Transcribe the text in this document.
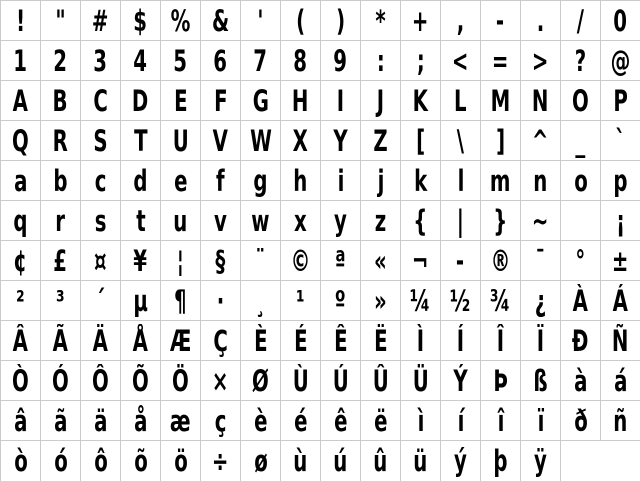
! " # $ % & ' ( ) * + , - . / 0
1 2 3 4 5 6 7 8 9 : ; < = > ? @
A B C D E F G H I J K L M N O P
Q R S T U V W X Y Z [ \ ] ^ _ `
a b c d e f g h i j k l m n o p
q r s t u v w x y z { | } ~ ¡
¢ £ ¤ ¥ ¦ § ¨ © ª « ¬ - ® ¯ ° ±
² ³ ´ µ ¶ · ¸ ¹ º » ¼ ½ ¾ ¿ À Á
Â Ã Ä Å Æ Ç È É Ê Ë Ì Í Î Ï Ð Ñ
Ò Ó Ô Õ Ö × Ø Ù Ú Û Ü Ý Þ ß à á
â ã ä å æ ç è é ê ë ì í î ï ð ñ
ò ó ô õ ö ÷ ø ù ú û ü ý þ ÿ
